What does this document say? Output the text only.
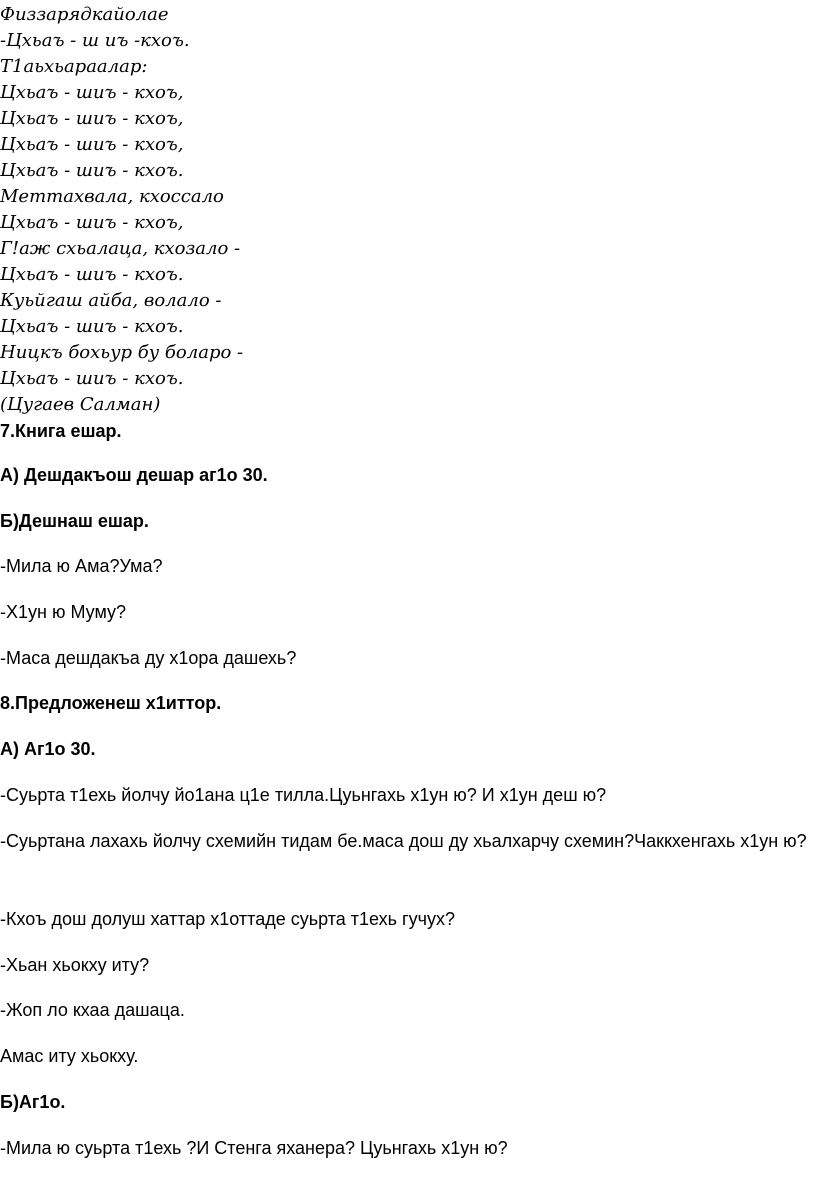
Физзарядкайолае

-Цхьаъ - ш иъ -кхоъ.

Т1аьхьараалар:

Цхьаъ - шиъ - кхоъ,

Цхьаъ - шиъ - кхоъ,

Цхьаъ - шиъ - кхоъ,

Цхьаъ - шиъ - кхоъ.

Меттахвала, кхоссало

Цхьаъ - шиъ - кхоъ,

Г!аж схьалаца, кхозало -

Цхьаъ - шиъ - кхоъ.

Куьйгаш айба, волало -

Цхьаъ - шиъ - кхоъ.

Ницкъ бохьур бу боларо -

Цхьаъ - шиъ - кхоъ.

(Цугаев Салман)

7.Книга ешар.

А) Дешдакъош дешар аг1о 30.

Б)Дешнаш ешар.

-Мила ю Ама?Ума?

-Х1ун ю Муму?

-Маса дешдакъа ду х1ора дашехь?

8.Предложенеш х1иттор.

А) Аг1о 30.

-Суьрта т1ехь йолчу йо1ана ц1е тилла.Цуьнгахь х1ун ю? И х1ун деш ю?

-Суьртана лахахь йолчу схемийн тидам бе.маса дош ду хьалхарчу схемин?Чаккхенгахь х1ун ю?

-Кхоъ дош долуш хаттар х1оттаде суьрта т1ехь гучух?

-Хьан хьокху иту?

-Жоп ло кхаа дашаца.

Амас иту хьокху.

Б)Аг1о.

-Мила ю суьрта т1ехь ?И Стенга яханера? Цуьнгахь х1ун ю?
